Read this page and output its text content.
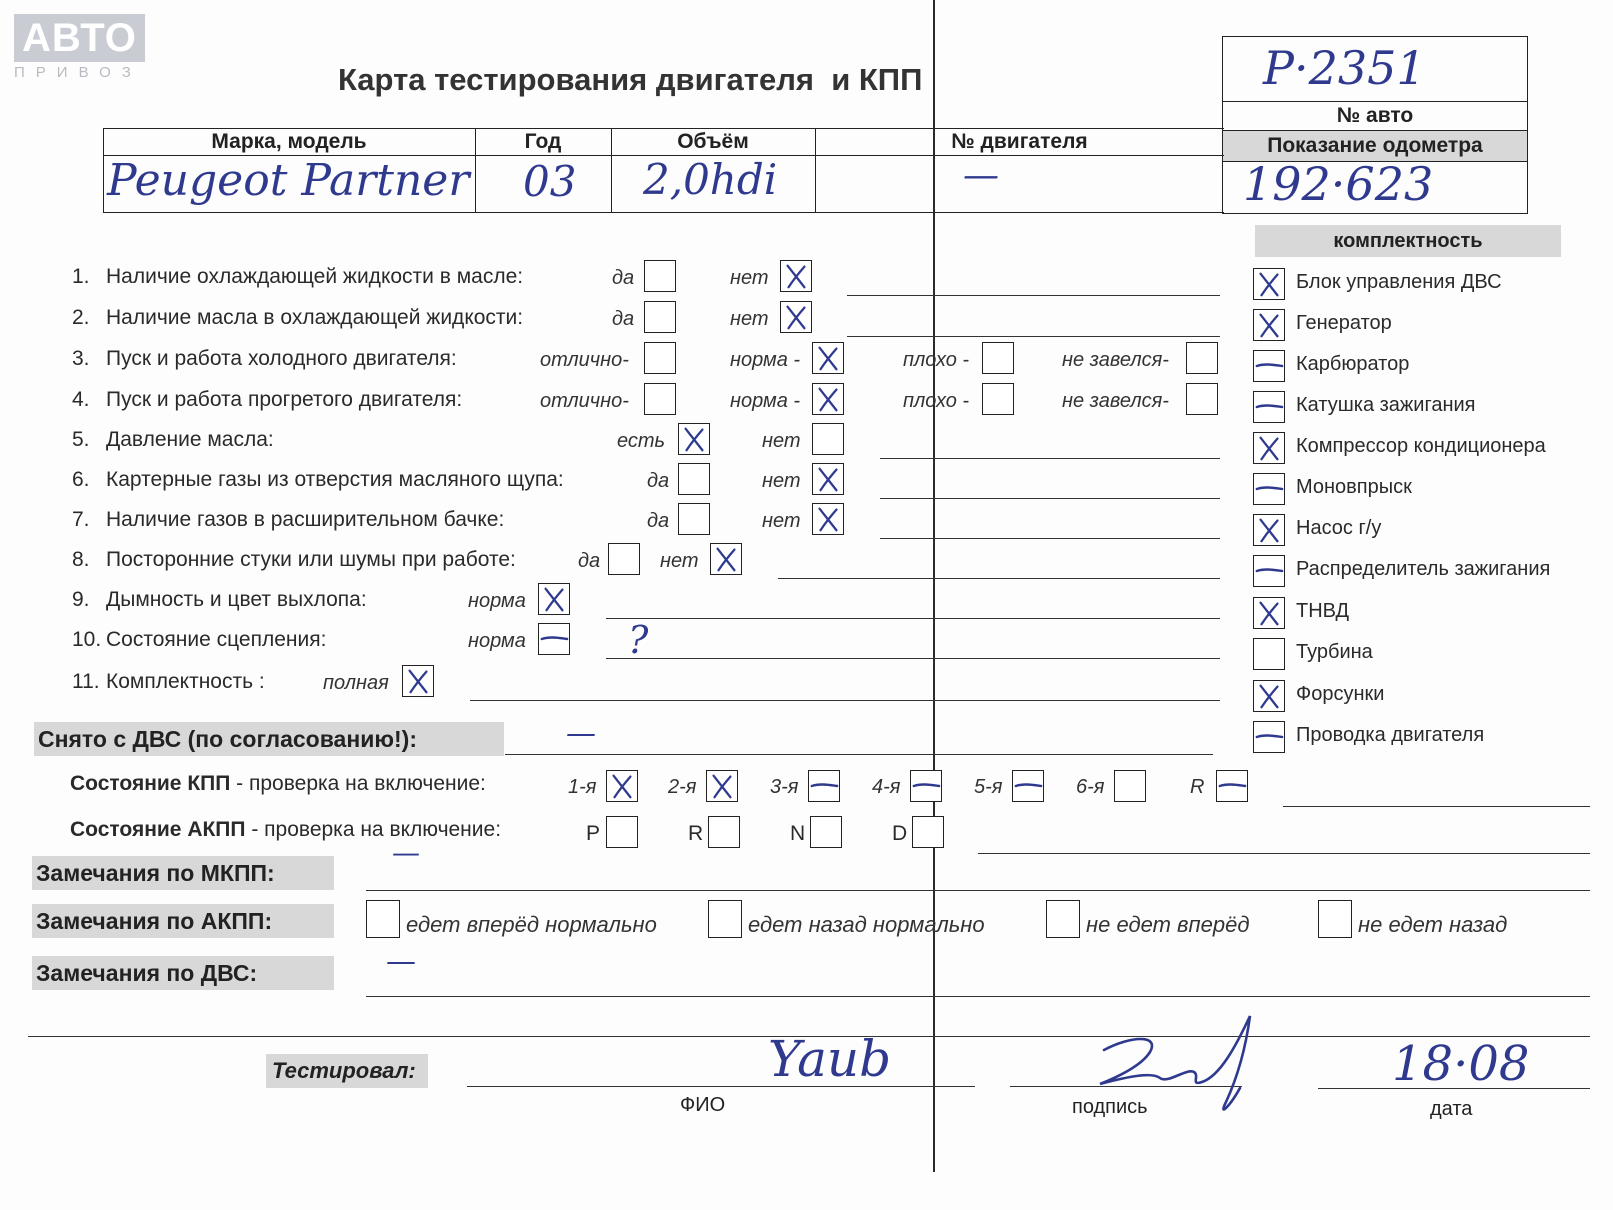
АВТО
ПРИВОЗ	Карта тестирования двигателя  и КПП	Р·2351
№ авто
Показание одометра
192·623
Марка, модель	Год	Объём	№ двигателя
Peugeot Partner 03 2,0hdi	—
комплектность
1. Наличие охлаждающей жидкости в масле:	да	нет
2. Наличие масла в охлаждающей жидкости:	да	нет
3. Пуск и работа холодного двигателя:	отлично-	норма -	плохо -	не завелся-
4. Пуск и работа прогретого двигателя:	отлично-	норма -	плохо -	не завелся-
5. Давление масла:	есть	нет
6. Картерные газы из отверстия масляного щупа:	да	нет
7. Наличие газов в расширительном бачке:	да	нет
8. Посторонние стуки или шумы при работе:	да	нет
9. Дымность и цвет выхлопа:	норма
10. Состояние сцепления:	норма	?
11. Комплектность :	полная
Блок управления ДВС
Генератор
Карбюратор
Катушка зажигания
Компрессор кондиционера
Моновпрыск
Насос г/у
Распределитель зажигания
ТНВД
Турбина
Форсунки
Проводка двигателя
Снято с ДВС (по согласованию!):	—
Состояние КПП - проверка на включение:	1-я	2-я	3-я	4-я	5-я	6-я	R
Состояние АКПП - проверка на включение:	P	R	N	D
—
Замечания по МКПП:
Замечания по АКПП:	едет вперёд нормально	едет назад нормально	не едет вперёд	не едет назад
Замечания по ДВС:	—
Тестировал:
ФИО
Yaub
подпись	дата
18·08
